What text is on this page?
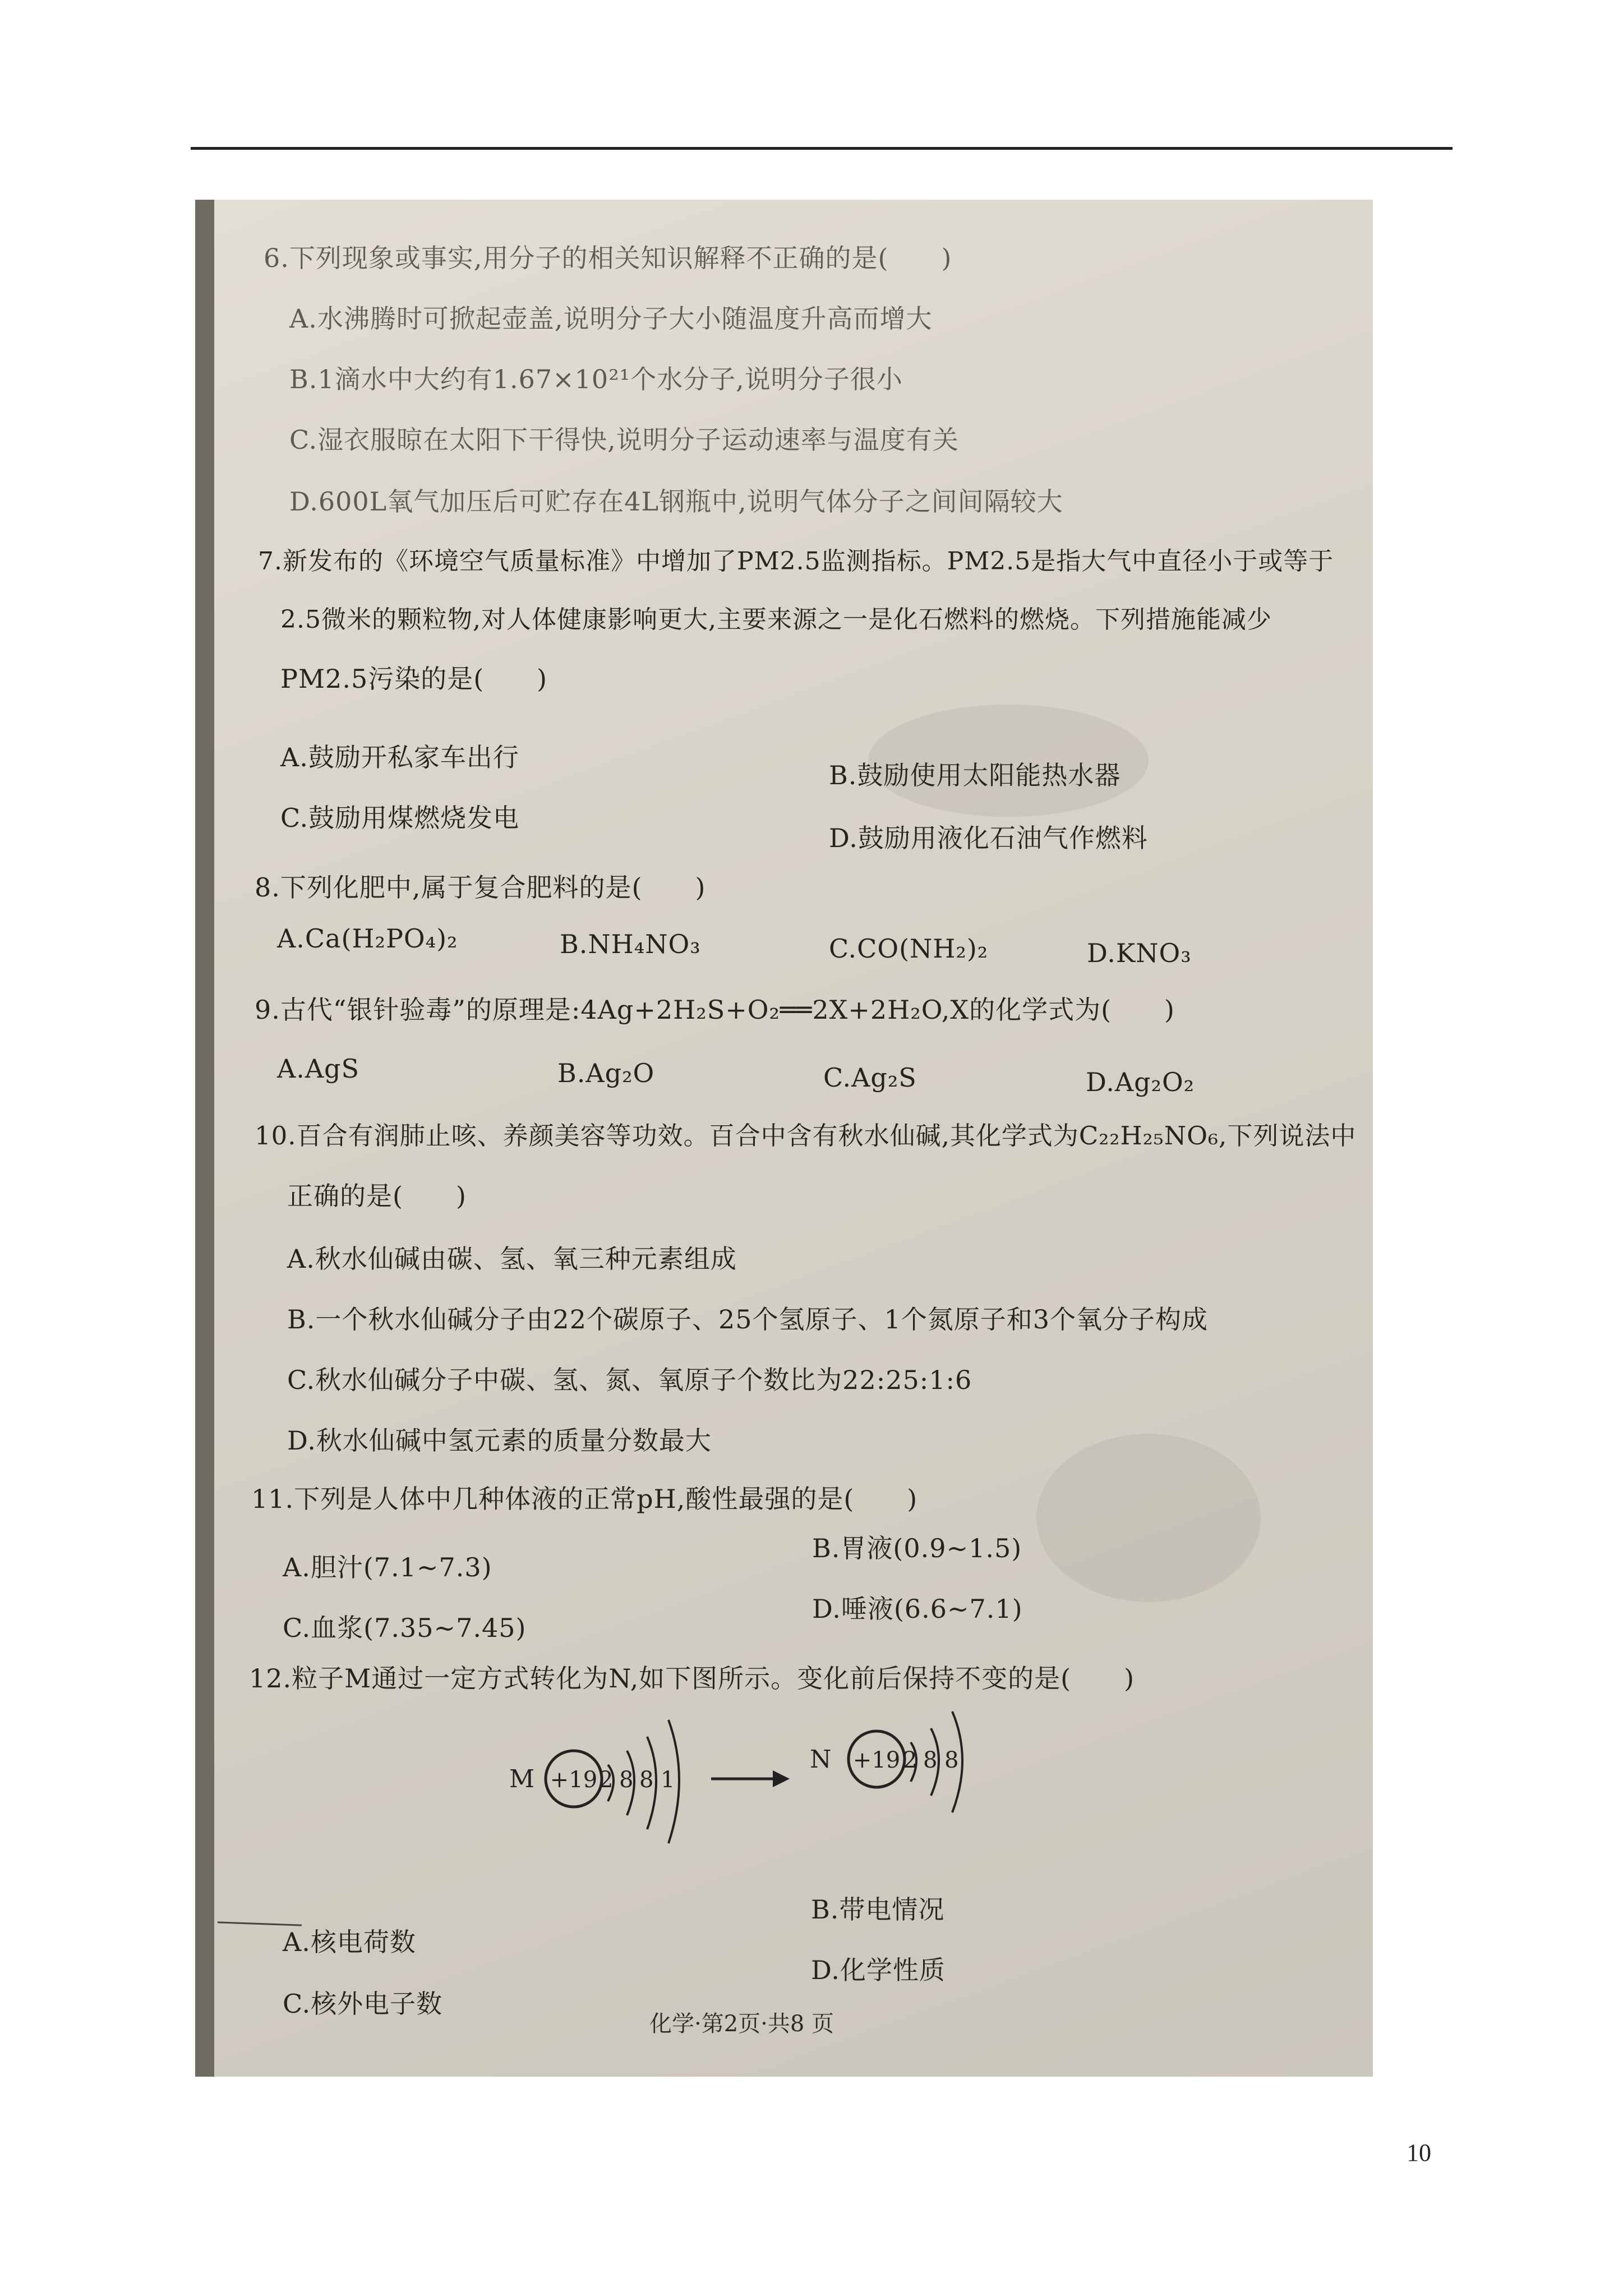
6.下列现象或事实,用分子的相关知识解释不正确的是(　　)
A.水沸腾时可掀起壶盖,说明分子大小随温度升高而增大
B.1滴水中大约有1.67×10²¹个水分子,说明分子很小
C.湿衣服晾在太阳下干得快,说明分子运动速率与温度有关
D.600L氧气加压后可贮存在4L钢瓶中,说明气体分子之间间隔较大
7.新发布的《环境空气质量标准》中增加了PM2.5监测指标。PM2.5是指大气中直径小于或等于
2.5微米的颗粒物,对人体健康影响更大,主要来源之一是化石燃料的燃烧。下列措施能减少
PM2.5污染的是(　　)
A.鼓励开私家车出行
B.鼓励使用太阳能热水器
C.鼓励用煤燃烧发电
D.鼓励用液化石油气作燃料
8.下列化肥中,属于复合肥料的是(　　)
A.Ca(H₂PO₄)₂	B.NH₄NO₃	C.CO(NH₂)₂	D.KNO₃
9.古代“银针验毒”的原理是:4Ag+2H₂S+O₂══2X+2H₂O,X的化学式为(　　)
A.AgS	B.Ag₂O	C.Ag₂S	D.Ag₂O₂
10.百合有润肺止咳、养颜美容等功效。百合中含有秋水仙碱,其化学式为C₂₂H₂₅NO₆,下列说法中
正确的是(　　)
A.秋水仙碱由碳、氢、氧三种元素组成
B.一个秋水仙碱分子由22个碳原子、25个氢原子、1个氮原子和3个氧分子构成
C.秋水仙碱分子中碳、氢、氮、氧原子个数比为22:25:1:6
D.秋水仙碱中氢元素的质量分数最大
11.下列是人体中几种体液的正常pH,酸性最强的是(　　)
A.胆汁(7.1~7.3)
B.胃液(0.9~1.5)
C.血浆(7.35~7.45)
D.唾液(6.6~7.1)
12.粒子M通过一定方式转化为N,如下图所示。变化前后保持不变的是(　　)
M +19 2 8 8 1
N +19 2 8 8
A.核电荷数
B.带电情况
C.核外电子数
D.化学性质
化学·第2页·共8 页
10
